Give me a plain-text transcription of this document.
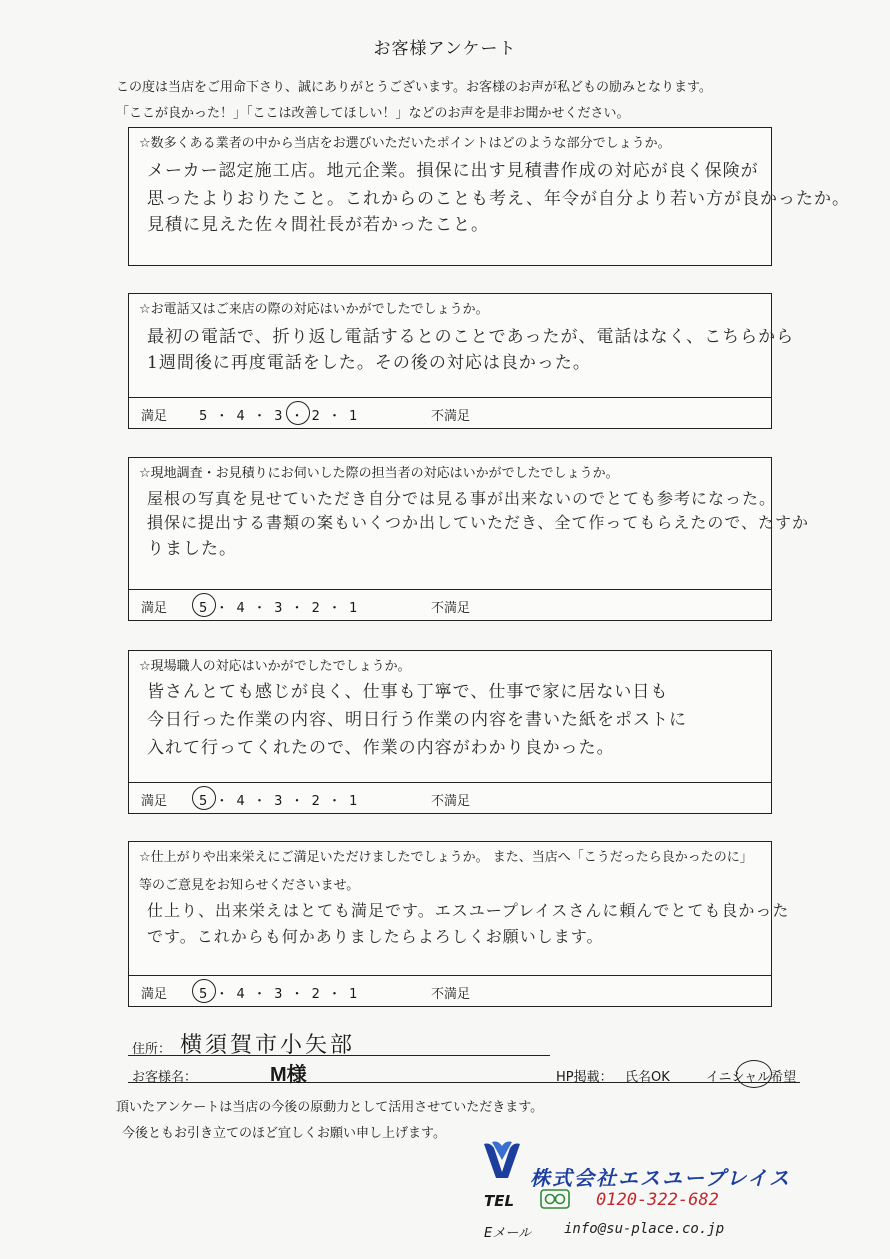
お客様アンケート
この度は当店をご用命下さり、誠にありがとうございます。お客様のお声が私どもの励みとなります。
「ここが良かった！」「ここは改善してほしい！」などのお声を是非お聞かせください。
☆数多くある業者の中から当店をお選びいただいたポイントはどのような部分でしょうか。
メーカー認定施工店。地元企業。損保に出す見積書作成の対応が良く保険が
思ったよりおりたこと。これからのことも考え、年令が自分より若い方が良かったか。
見積に見えた佐々間社長が若かったこと。
☆お電話又はご来店の際の対応はいかがでしたでしょうか。
最初の電話で、折り返し電話するとのことであったが、電話はなく、こちらから
1週間後に再度電話をした。その後の対応は良かった。
満足 5 ・ 4 ・ 3 ・ 2 ・ 1	不満足
☆現地調査・お見積りにお伺いした際の担当者の対応はいかがでしたでしょうか。
屋根の写真を見せていただき自分では見る事が出来ないのでとても参考になった。
損保に提出する書類の案もいくつか出していただき、全て作ってもらえたので、たすか
りました。
満足 5 ・ 4 ・ 3 ・ 2 ・ 1	不満足
☆現場職人の対応はいかがでしたでしょうか。
皆さんとても感じが良く、仕事も丁寧で、仕事で家に居ない日も
今日行った作業の内容、明日行う作業の内容を書いた紙をポストに
入れて行ってくれたので、作業の内容がわかり良かった。
満足 5 ・ 4 ・ 3 ・ 2 ・ 1	不満足
☆仕上がりや出来栄えにご満足いただけましたでしょうか。 また、当店へ「こうだったら良かったのに」
等のご意見をお知らせくださいませ。
仕上り、出来栄えはとても満足です。エスユープレイスさんに頼んでとても良かった
です。これからも何かありましたらよろしくお願いします。
満足 5 ・ 4 ・ 3 ・ 2 ・ 1	不満足
住所： 横須賀市小矢部
お客様名：	M様	HP掲載： 氏名OK	イニシャル希望
頂いたアンケートは当店の今後の原動力として活用させていただきます。
今後ともお引き立てのほど宜しくお願い申し上げます。
株式会社エスユープレイス
TEL	0120-322-682
Eメール info@su-place.co.jp
